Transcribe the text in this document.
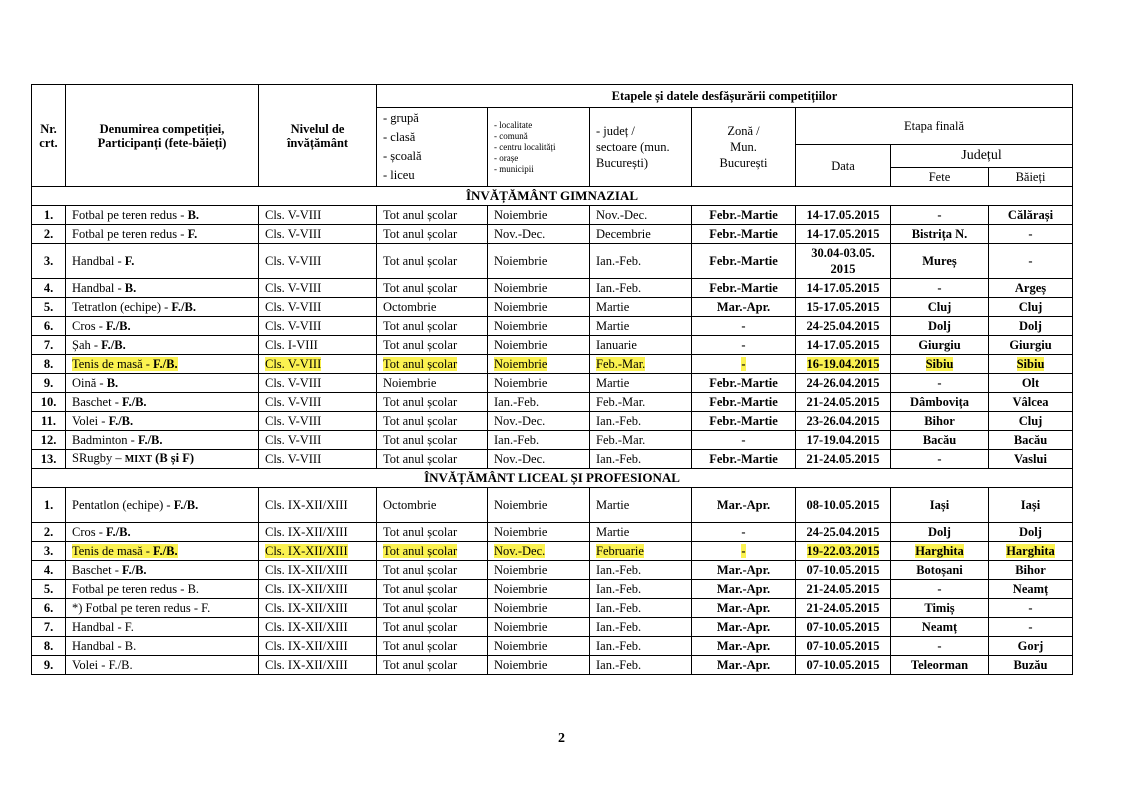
Nr.
crt.	Denumirea competiției,
Participanți (fete-băieți)	Nivelul de
învățământ	Etapele și datele desfășurării competițiilor						
			- grupă
- clasă
- școală
- liceu	- localitate
- comună
- centru localități
- orașe
- municipii	- județ /
sectoare (mun.
București)	Zonă /
Mun.
București	Etapa finală		
							Data	Județul	
								Fete	Băieți
ÎNVĂȚĂMÂNT GIMNAZIAL									
1.	Fotbal pe teren redus - B.	Cls. V-VIII	Tot anul școlar	Noiembrie	Nov.-Dec.	Febr.-Martie	14-17.05.2015	-	Călărași
2.	Fotbal pe teren redus - F.	Cls. V-VIII	Tot anul școlar	Nov.-Dec.	Decembrie	Febr.-Martie	14-17.05.2015	Bistrița N.	-
3.	Handbal - F.	Cls. V-VIII	Tot anul școlar	Noiembrie	Ian.-Feb.	Febr.-Martie	30.04-03.05.
2015	Mureș	-
4.	Handbal - B.	Cls. V-VIII	Tot anul școlar	Noiembrie	Ian.-Feb.	Febr.-Martie	14-17.05.2015	-	Argeș
5.	Tetratlon (echipe) - F./B.	Cls. V-VIII	Octombrie	Noiembrie	Martie	Mar.-Apr.	15-17.05.2015	Cluj	Cluj
6.	Cros - F./B.	Cls. V-VIII	Tot anul școlar	Noiembrie	Martie	-	24-25.04.2015	Dolj	Dolj
7.	Șah - F./B.	Cls. I-VIII	Tot anul școlar	Noiembrie	Ianuarie	-	14-17.05.2015	Giurgiu	Giurgiu
8.	Tenis de masă - F./B.	Cls. V-VIII	Tot anul școlar	Noiembrie	Feb.-Mar.	-	16-19.04.2015	Sibiu	Sibiu
9.	Oină - B.	Cls. V-VIII	Noiembrie	Noiembrie	Martie	Febr.-Martie	24-26.04.2015	-	Olt
10.	Baschet - F./B.	Cls. V-VIII	Tot anul școlar	Ian.-Feb.	Feb.-Mar.	Febr.-Martie	21-24.05.2015	Dâmbovița	Vâlcea
11.	Volei - F./B.	Cls. V-VIII	Tot anul școlar	Nov.-Dec.	Ian.-Feb.	Febr.-Martie	23-26.04.2015	Bihor	Cluj
12.	Badminton - F./B.	Cls. V-VIII	Tot anul școlar	Ian.-Feb.	Feb.-Mar.	-	17-19.04.2015	Bacău	Bacău
13.	SRugby – MIXT (B și F)	Cls. V-VIII	Tot anul școlar	Nov.-Dec.	Ian.-Feb.	Febr.-Martie	21-24.05.2015	-	Vaslui
ÎNVĂȚĂMÂNT LICEAL ȘI PROFESIONAL									
1.	Pentatlon (echipe) - F./B.	Cls. IX-XII/XIII	Octombrie	Noiembrie	Martie	Mar.-Apr.	08-10.05.2015	Iași	Iași
2.	Cros - F./B.	Cls. IX-XII/XIII	Tot anul școlar	Noiembrie	Martie	-	24-25.04.2015	Dolj	Dolj
3.	Tenis de masă - F./B.	Cls. IX-XII/XIII	Tot anul școlar	Nov.-Dec.	Februarie	-	19-22.03.2015	Harghita	Harghita
4.	Baschet - F./B.	Cls. IX-XII/XIII	Tot anul școlar	Noiembrie	Ian.-Feb.	Mar.-Apr.	07-10.05.2015	Botoșani	Bihor
5.	Fotbal pe teren redus - B.	Cls. IX-XII/XIII	Tot anul școlar	Noiembrie	Ian.-Feb.	Mar.-Apr.	21-24.05.2015	-	Neamț
6.	*) Fotbal pe teren redus - F.	Cls. IX-XII/XIII	Tot anul școlar	Noiembrie	Ian.-Feb.	Mar.-Apr.	21-24.05.2015	Timiș	-
7.	Handbal - F.	Cls. IX-XII/XIII	Tot anul școlar	Noiembrie	Ian.-Feb.	Mar.-Apr.	07-10.05.2015	Neamț	-
8.	Handbal - B.	Cls. IX-XII/XIII	Tot anul școlar	Noiembrie	Ian.-Feb.	Mar.-Apr.	07-10.05.2015	-	Gorj
9.	Volei - F./B.	Cls. IX-XII/XIII	Tot anul școlar	Noiembrie	Ian.-Feb.	Mar.-Apr.	07-10.05.2015	Teleorman	Buzău
2
